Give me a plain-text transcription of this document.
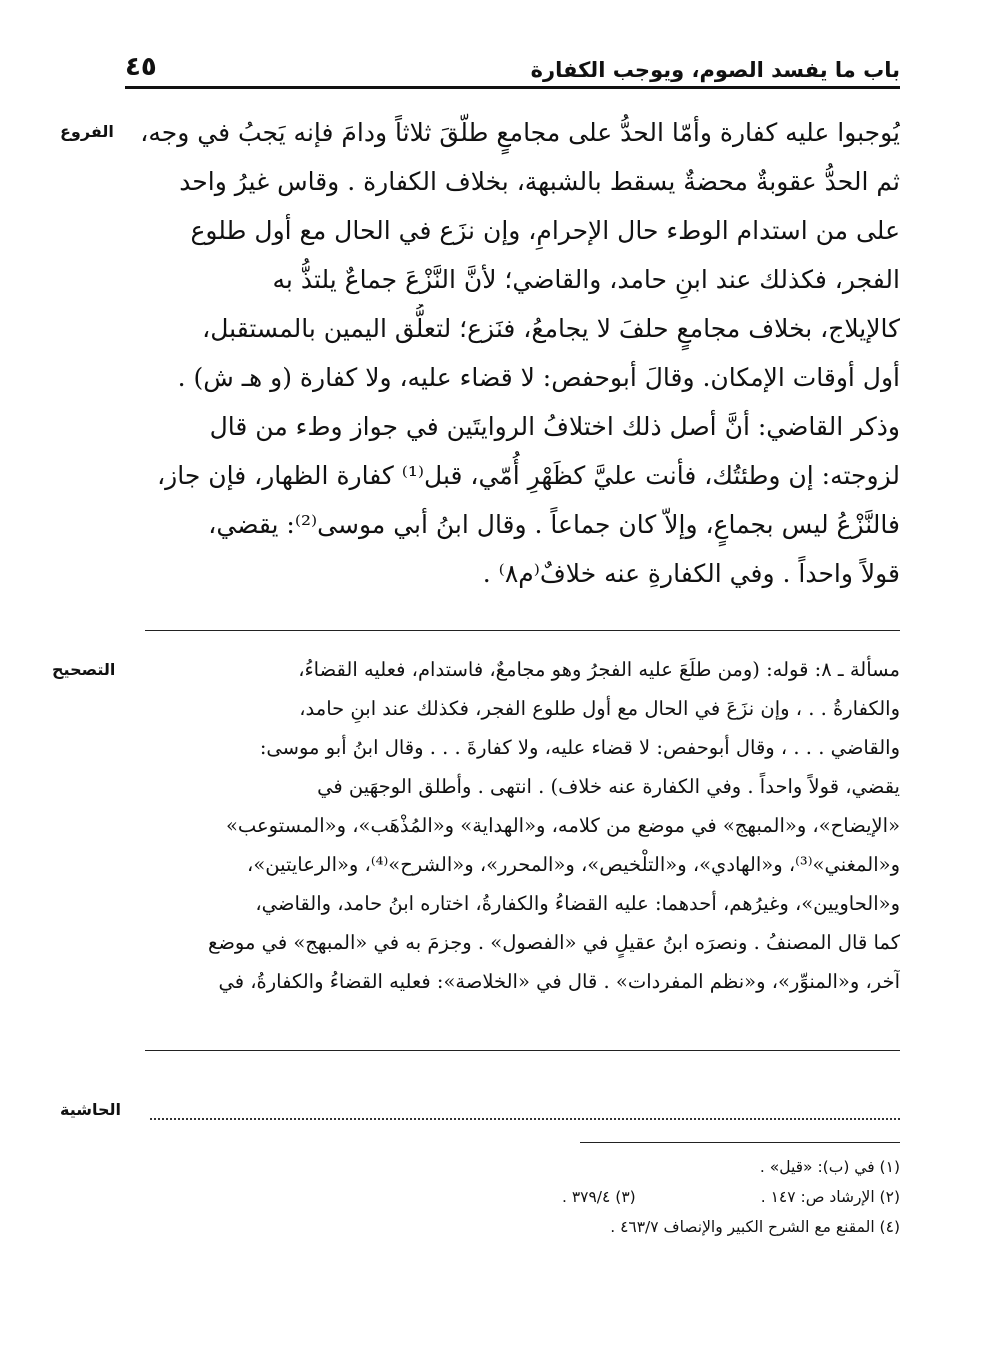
باب ما يفسد الصوم، ويوجب الكفارة
٤٥
الفروع	يُوجبوا عليه كفارة وأمّا الحدُّ على مجامعٍ طلّقَ ثلاثاً ودامَ فإنه يَجبُ في وجه،
ثم الحدُّ عقوبةٌ محضةٌ يسقط بالشبهة، بخلاف الكفارة . وقاس غيرُ واحد
على من استدام الوطء حال الإحرامِ، وإن نزَع في الحال مع أول طلوع
الفجر، فكذلك عند ابنِ حامد، والقاضي؛ لأنَّ النَّزْعَ جماعٌ يلتذُّ به
كالإيلاج، بخلاف مجامعٍ حلفَ لا يجامعُ، فنَزع؛ لتعلُّق اليمين بالمستقبل،
أول أوقات الإمكان. وقالَ أبوحفص: لا قضاء عليه، ولا كفارة (و هـ ش) .
وذكر القاضي: أنَّ أصل ذلك اختلافُ الروايتَين في جواز وطء من قال
لزوجته: إن وطئتُك، فأنت عليَّ كظَهْرِ أُمّي، قبل⁽¹⁾ كفارة الظهار، فإن جاز،
فالنَّزْعُ ليس بجماعٍ، وإلاّ كان جماعاً . وقال ابنُ أبي موسى⁽²⁾: يقضي،
قولاً واحداً . وفي الكفارةِ عنه خلافٌ⁽م٨⁾ .
التصحيح	مسألة ـ ٨: قوله: (ومن طلَعَ عليه الفجرُ وهو مجامعٌ، فاستدام، فعليه القضاءُ،
والكفارةُ . . ، وإن نزَعَ في الحال مع أول طلوع الفجر، فكذلك عند ابنِ حامد،
والقاضي . . . ، وقال أبوحفص: لا قضاء عليه، ولا كفارةَ . . . وقال ابنُ أبو موسى:
يقضي، قولاً واحداً . وفي الكفارة عنه خلاف) . انتهى . وأطلق الوجهَين في
«الإيضاح»، و«المبهج» في موضع من كلامه، و«الهداية» و«المُذْهَب»، و«المستوعب»
و«المغني»⁽³⁾، و«الهادي»، و«التلْخيص»، و«المحرر»، و«الشرح»⁽⁴⁾، و«الرعايتين»،
و«الحاويين»، وغيرُهم، أحدهما: عليه القضاءُ والكفارةُ، اختاره ابنُ حامد، والقاضي،
كما قال المصنفُ . ونصرَه ابنُ عقيلٍ في «الفصول» . وجزمَ به في «المبهج» في موضع
آخر، و«المنوِّر»، و«نظم المفردات» . قال في «الخلاصة»: فعليه القضاءُ والكفارةُ، في
الحاشية
(١) في (ب): «قيل» .
(٢) الإرشاد ص: ١٤٧ .
(٣) ٣٧٩/٤ .
(٤) المقنع مع الشرح الكبير والإنصاف ٤٦٣/٧ .
